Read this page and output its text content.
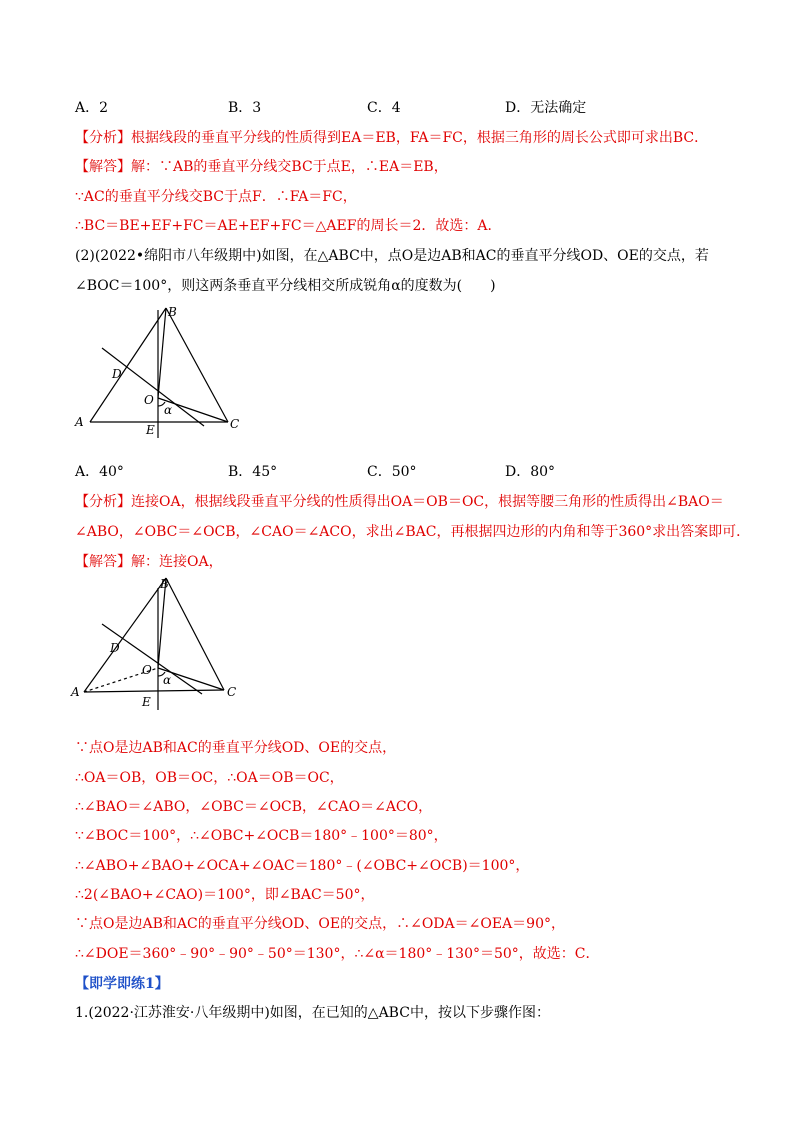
A．2	B．3	C．4	D．无法确定
【分析】根据线段的垂直平分线的性质得到EA＝EB，FA＝FC，根据三角形的周长公式即可求出BC．
【解答】解：∵AB的垂直平分线交BC于点E，∴EA＝EB，
∵AC的垂直平分线交BC于点F．∴FA＝FC，
∴BC＝BE+EF+FC＝AE+EF+FC＝△AEF的周长＝2．故选：A．
(2)(2022•绵阳市八年级期中)如图，在△ABC中，点O是边AB和AC的垂直平分线OD、OE的交点，若
∠BOC＝100°，则这两条垂直平分线相交所成锐角α的度数为(　　)
B
D
O
α
A
E	C
A．40°	B．45°	C．50°	D．80°
【分析】连接OA，根据线段垂直平分线的性质得出OA＝OB＝OC，根据等腰三角形的性质得出∠BAO＝
∠ABO，∠OBC＝∠OCB，∠CAO＝∠ACO，求出∠BAC，再根据四边形的内角和等于360°求出答案即可．
【解答】解：连接OA，
B
D
O
α
A
E
C
∵点O是边AB和AC的垂直平分线OD、OE的交点，
∴OA＝OB，OB＝OC，∴OA＝OB＝OC，
∴∠BAO＝∠ABO，∠OBC＝∠OCB，∠CAO＝∠ACO，
∵∠BOC＝100°，∴∠OBC+∠OCB＝180°﹣100°＝80°，
∴∠ABO+∠BAO+∠OCA+∠OAC＝180°﹣(∠OBC+∠OCB)＝100°，
∴2(∠BAO+∠CAO)＝100°，即∠BAC＝50°，
∵点O是边AB和AC的垂直平分线OD、OE的交点，∴∠ODA＝∠OEA＝90°，
∴∠DOE＝360°﹣90°﹣90°﹣50°＝130°，∴∠α＝180°﹣130°＝50°，故选：C．
【即学即练1】
1.(2022·江苏淮安·八年级期中)如图，在已知的△ABC中，按以下步骤作图：
